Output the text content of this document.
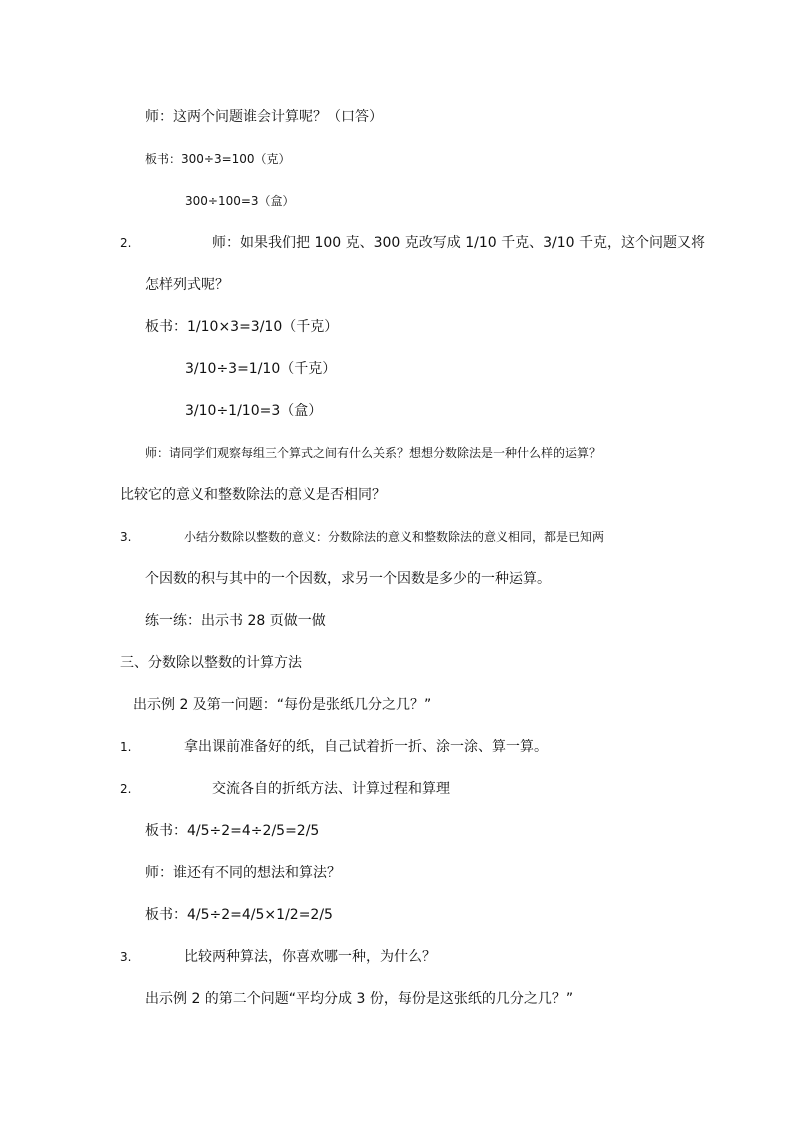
师：这两个问题谁会计算呢？（口答）
板书：300÷3=100（克）
300÷100=3（盒）
2.	师：如果我们把 100 克、300 克改写成 1/10 千克、3/10 千克，这个问题又将
怎样列式呢？
板书：1/10×3=3/10（千克）
3/10÷3=1/10（千克）
3/10÷1/10=3（盒）
师：请同学们观察每组三个算式之间有什么关系？想想分数除法是一种什么样的运算？
比较它的意义和整数除法的意义是否相同？
3.	小结分数除以整数的意义：分数除法的意义和整数除法的意义相同，都是已知两
个因数的积与其中的一个因数，求另一个因数是多少的一种运算。
练一练：出示书 28 页做一做
三、分数除以整数的计算方法
出示例 2 及第一问题：“每份是张纸几分之几？”
1.	拿出课前准备好的纸，自己试着折一折、涂一涂、算一算。
2.	交流各自的折纸方法、计算过程和算理
板书：4/5÷2=4÷2/5=2/5
师：谁还有不同的想法和算法？
板书：4/5÷2=4/5×1/2=2/5
3.	比较两种算法，你喜欢哪一种，为什么？
出示例 2 的第二个问题“平均分成 3 份，每份是这张纸的几分之几？”
